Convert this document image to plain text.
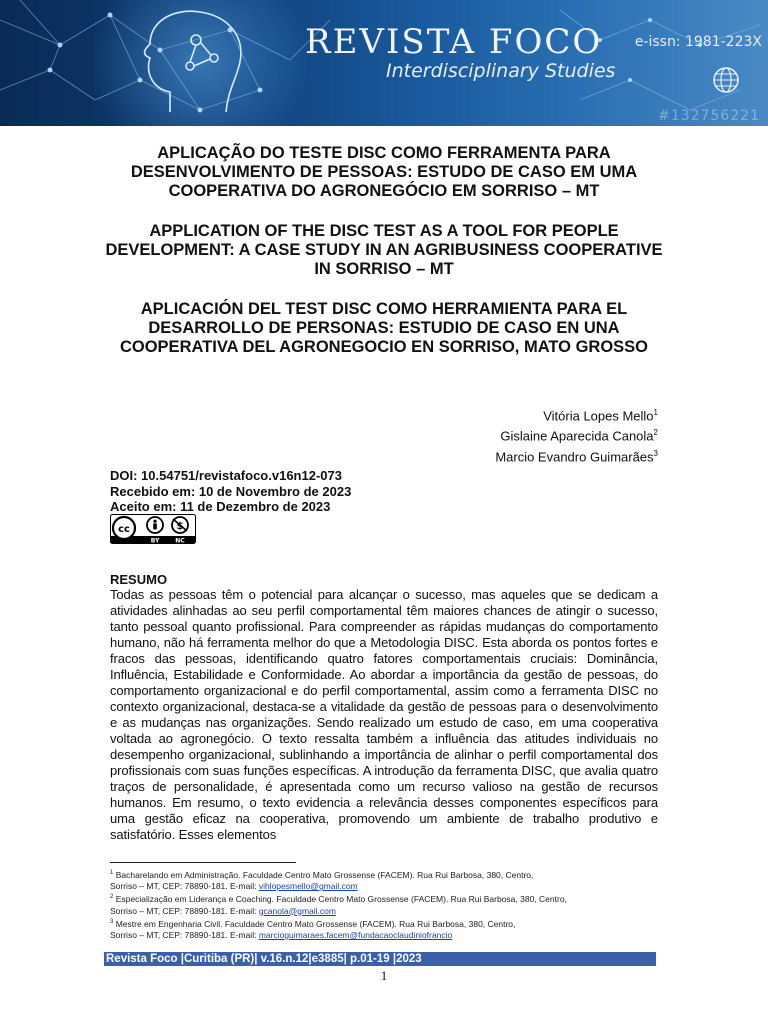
REVISTA FOCO
Interdisciplinary Studies
e-issn: 1981-223X
#132756221
APLICAÇÃO DO TESTE DISC COMO FERRAMENTA PARA DESENVOLVIMENTO DE PESSOAS: ESTUDO DE CASO EM UMA COOPERATIVA DO AGRONEGÓCIO EM SORRISO – MT
APPLICATION OF THE DISC TEST AS A TOOL FOR PEOPLE DEVELOPMENT: A CASE STUDY IN AN AGRIBUSINESS COOPERATIVE IN SORRISO – MT
APLICACIÓN DEL TEST DISC COMO HERRAMIENTA PARA EL DESARROLLO DE PERSONAS: ESTUDIO DE CASO EN UNA COOPERATIVA DEL AGRONEGOCIO EN SORRISO, MATO GROSSO
Vitória Lopes Mello$^1$
Gislaine Aparecida Canola$^2$
Marcio Evandro Guimarães$^3$
DOI: 10.54751/revistafoco.v16n12-073
Recebido em: 10 de Novembro de 2023
Aceito em: 11 de Dezembro de 2023
cc	$
BY	NC
RESUMO

Todas as pessoas têm o potencial para alcançar o sucesso, mas aqueles que se dedicam a atividades alinhadas ao seu perfil comportamental têm maiores chances de atingir o sucesso, tanto pessoal quanto profissional. Para compreender as rápidas mudanças do comportamento humano, não há ferramenta melhor do que a Metodologia DISC. Esta aborda os pontos fortes e fracos das pessoas, identificando quatro fatores comportamentais cruciais: Dominância, Influência, Estabilidade e Conformidade. Ao abordar a importância da gestão de pessoas, do comportamento organizacional e do perfil comportamental, assim como a ferramenta DISC no contexto organizacional, destaca-se a vitalidade da gestão de pessoas para o desenvolvimento e as mudanças nas organizações. Sendo realizado um estudo de caso, em uma cooperativa voltada ao agronegócio. O texto ressalta também a influência das atitudes individuais no desempenho organizacional, sublinhando a importância de alinhar o perfil comportamental dos profissionais com suas funções específicas. A introdução da ferramenta DISC, que avalia quatro traços de personalidade, é apresentada como um recurso valioso na gestão de recursos humanos. Em resumo, o texto evidencia a relevância desses componentes específicos para uma gestão eficaz na cooperativa, promovendo um ambiente de trabalho produtivo e satisfatório. Esses elementos

$^1$ Bacharelando em Administração. Faculdade Centro Mato Grossense (FACEM). Rua Rui Barbosa, 380, Centro,
Sorriso – MT, CEP: 78890-181. E-mail: vihlopesmello@gmail.com
$^2$ Especialização em Liderança e Coaching. Faculdade Centro Mato Grossense (FACEM). Rua Rui Barbosa, 380, Centro,
Sorriso – MT, CEP: 78890-181. E-mail: gcanola@gmail.com
$^3$ Mestre em Engenharia Civil. Faculdade Centro Mato Grossense (FACEM). Rua Rui Barbosa, 380, Centro,
Sorriso – MT, CEP: 78890-181. E-mail: marcioguimaraes.facem@fundacaoclaudiniofrancio
Revista Foco |Curitiba (PR)| v.16.n.12|e3885| p.01-19 |2023
1
